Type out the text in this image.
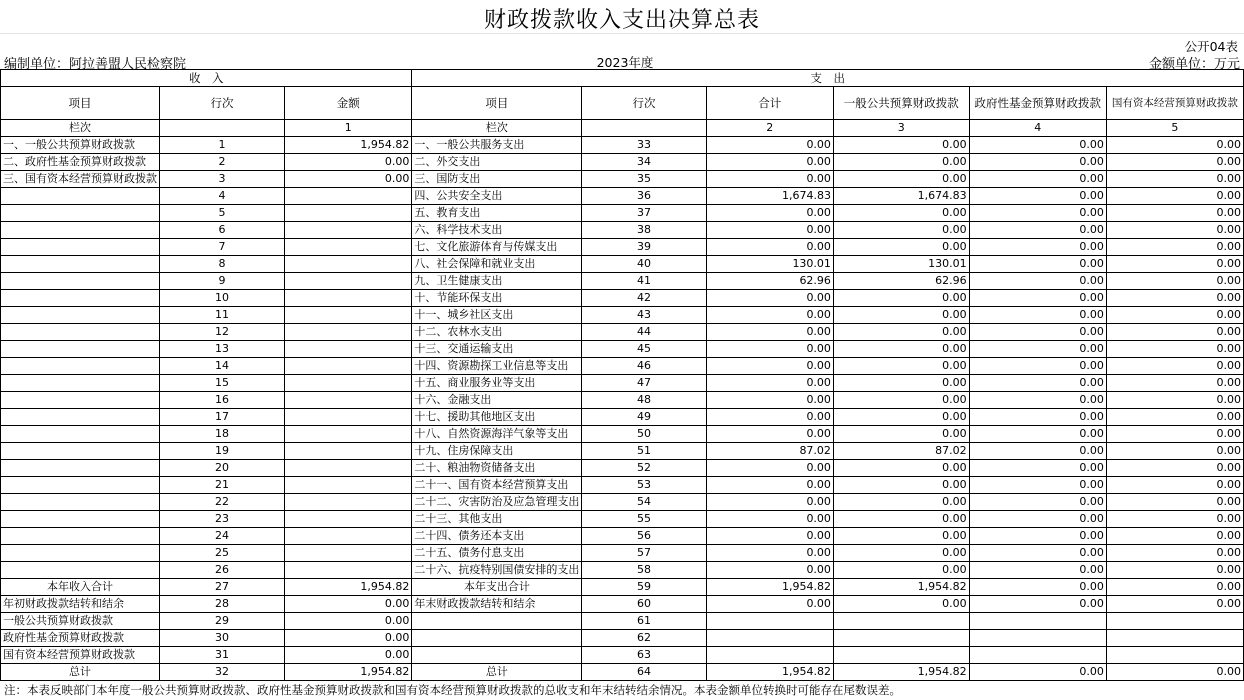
财政拨款收入支出决算总表
公开04表
编制单位：阿拉善盟人民检察院	2023年度	金额单位：万元
收　入			支　出					
项目	行次	金额	项目	行次	合计	一般公共预算财政拨款	政府性基金预算财政拨款	国有资本经营预算财政拨款
栏次		1	栏次		2	3	4	5
一、一般公共预算财政拨款	1	1,954.82	一、一般公共服务支出	33	0.00	0.00	0.00	0.00
二、政府性基金预算财政拨款	2	0.00	二、外交支出	34	0.00	0.00	0.00	0.00
三、国有资本经营预算财政拨款	3	0.00	三、国防支出	35	0.00	0.00	0.00	0.00
	4		四、公共安全支出	36	1,674.83	1,674.83	0.00	0.00
	5		五、教育支出	37	0.00	0.00	0.00	0.00
	6		六、科学技术支出	38	0.00	0.00	0.00	0.00
	7		七、文化旅游体育与传媒支出	39	0.00	0.00	0.00	0.00
	8		八、社会保障和就业支出	40	130.01	130.01	0.00	0.00
	9		九、卫生健康支出	41	62.96	62.96	0.00	0.00
	10		十、节能环保支出	42	0.00	0.00	0.00	0.00
	11		十一、城乡社区支出	43	0.00	0.00	0.00	0.00
	12		十二、农林水支出	44	0.00	0.00	0.00	0.00
	13		十三、交通运输支出	45	0.00	0.00	0.00	0.00
	14		十四、资源勘探工业信息等支出	46	0.00	0.00	0.00	0.00
	15		十五、商业服务业等支出	47	0.00	0.00	0.00	0.00
	16		十六、金融支出	48	0.00	0.00	0.00	0.00
	17		十七、援助其他地区支出	49	0.00	0.00	0.00	0.00
	18		十八、自然资源海洋气象等支出	50	0.00	0.00	0.00	0.00
	19		十九、住房保障支出	51	87.02	87.02	0.00	0.00
	20		二十、粮油物资储备支出	52	0.00	0.00	0.00	0.00
	21		二十一、国有资本经营预算支出	53	0.00	0.00	0.00	0.00
	22		二十二、灾害防治及应急管理支出	54	0.00	0.00	0.00	0.00
	23		二十三、其他支出	55	0.00	0.00	0.00	0.00
	24		二十四、债务还本支出	56	0.00	0.00	0.00	0.00
	25		二十五、债务付息支出	57	0.00	0.00	0.00	0.00
	26		二十六、抗疫特别国债安排的支出	58	0.00	0.00	0.00	0.00
本年收入合计	27	1,954.82	本年支出合计	59	1,954.82	1,954.82	0.00	0.00
年初财政拨款结转和结余	28	0.00	年末财政拨款结转和结余	60	0.00	0.00	0.00	0.00
一般公共预算财政拨款	29	0.00		61				
政府性基金预算财政拨款	30	0.00		62				
国有资本经营预算财政拨款	31	0.00		63				
总计	32	1,954.82	总计	64	1,954.82	1,954.82	0.00	0.00
注：本表反映部门本年度一般公共预算财政拨款、政府性基金预算财政拨款和国有资本经营预算财政拨款的总收支和年末结转结余情况。本表金额单位转换时可能存在尾数误差。
